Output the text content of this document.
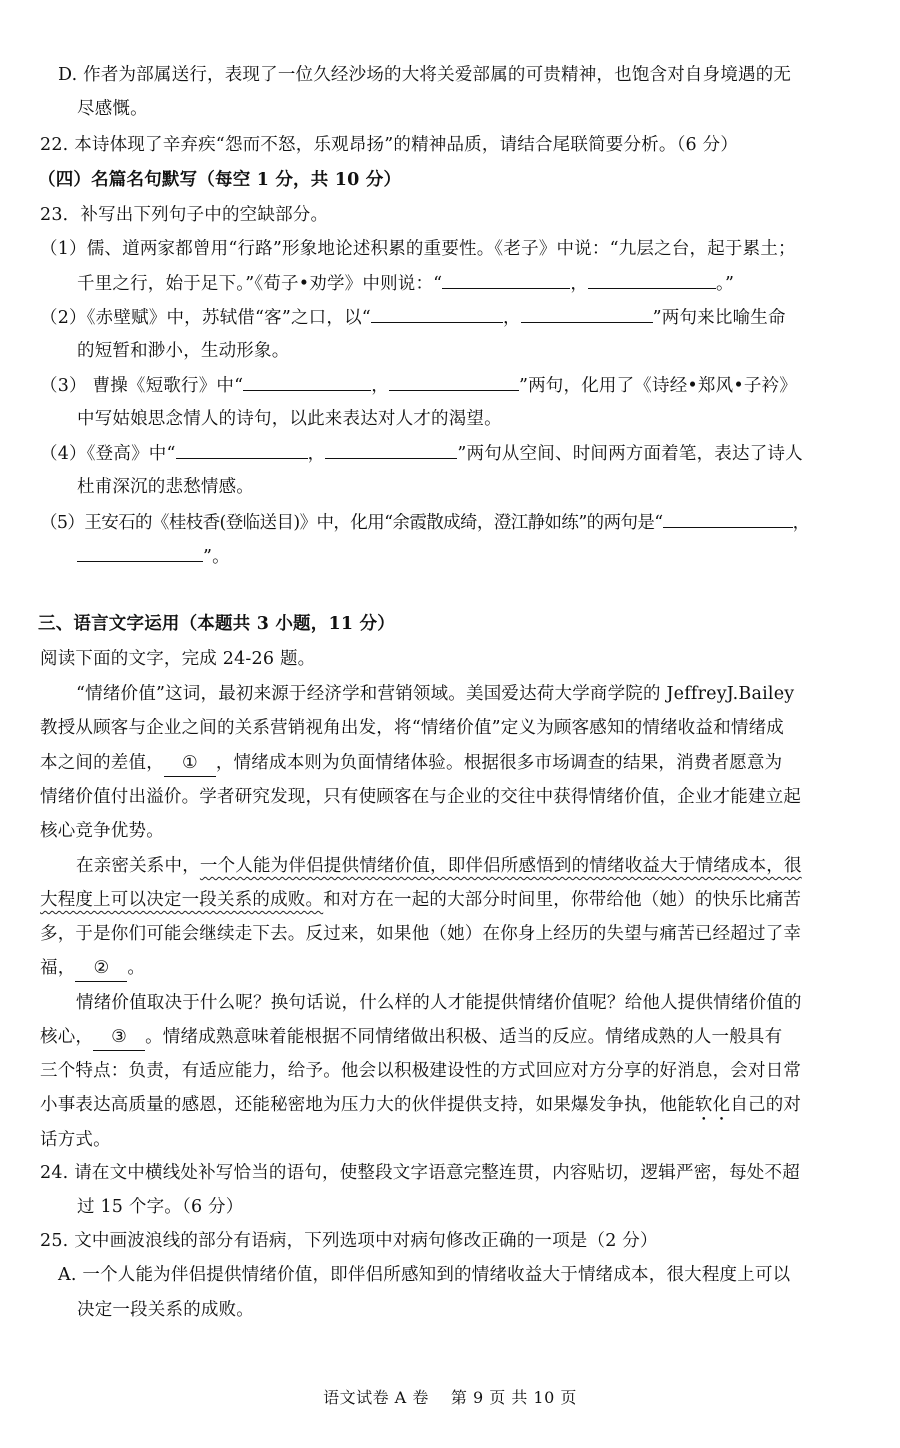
D. 作者为部属送行，表现了一位久经沙场的大将关爱部属的可贵精神，也饱含对自身境遇的无
尽感慨。
22. 本诗体现了辛弃疾“怨而不怒，乐观昂扬”的精神品质，请结合尾联简要分析。（6 分）
（四）名篇名句默写（每空 1 分，共 10 分）
23．补写出下列句子中的空缺部分。
（1）儒、道两家都曾用“行路”形象地论述积累的重要性。《老子》中说：“九层之台，起于累土；
千里之行，始于足下。”《荀子•劝学》中则说：“	，	。”
（2）《赤壁赋》中，苏轼借“客”之口，以“	，	”两句来比喻生命
的短暂和渺小，生动形象。
（3） 曹操《短歌行》中“	，	”两句，化用了《诗经•郑风•子衿》
中写姑娘思念情人的诗句，以此来表达对人才的渴望。
（4）《登高》中“	，	”两句从空间、时间两方面着笔，表达了诗人
杜甫深沉的悲愁情感。
（5）王安石的《桂枝香(登临送目)》中，化用“余霞散成绮，澄江静如练”的两句是“	，
”。
三、语言文字运用（本题共 3 小题，11 分）
阅读下面的文字，完成 24-26 题。
“情绪价值”这词，最初来源于经济学和营销领域。美国爱达荷大学商学院的 JeffreyJ.Bailey
教授从顾客与企业之间的关系营销视角出发，将“情绪价值”定义为顾客感知的情绪收益和情绪成
本之间的差值， ① ，情绪成本则为负面情绪体验。根据很多市场调查的结果，消费者愿意为
情绪价值付出溢价。学者研究发现，只有使顾客在与企业的交往中获得情绪价值，企业才能建立起
核心竞争优势。
在亲密关系中，一个人能为伴侣提供情绪价值，即伴侣所感悟到的情绪收益大于情绪成本，很
大程度上可以决定一段关系的成败。和对方在一起的大部分时间里，你带给他（她）的快乐比痛苦
多，于是你们可能会继续走下去。反过来，如果他（她）在你身上经历的失望与痛苦已经超过了幸
福， ② 。
情绪价值取决于什么呢？换句话说，什么样的人才能提供情绪价值呢？给他人提供情绪价值的
核心， ③ 。情绪成熟意味着能根据不同情绪做出积极、适当的反应。情绪成熟的人一般具有
三个特点：负责，有适应能力，给予。他会以积极建设性的方式回应对方分享的好消息，会对日常
小事表达高质量的感恩，还能秘密地为压力大的伙伴提供支持，如果爆发争执，他能软化自己的对
话方式。
24. 请在文中横线处补写恰当的语句，使整段文字语意完整连贯，内容贴切，逻辑严密，每处不超
过 15 个字。（6 分）
25. 文中画波浪线的部分有语病，下列选项中对病句修改正确的一项是（2 分）
A. 一个人能为伴侣提供情绪价值，即伴侣所感知到的情绪收益大于情绪成本，很大程度上可以
决定一段关系的成败。
语文试卷 A 卷　 第 9 页 共 10 页
